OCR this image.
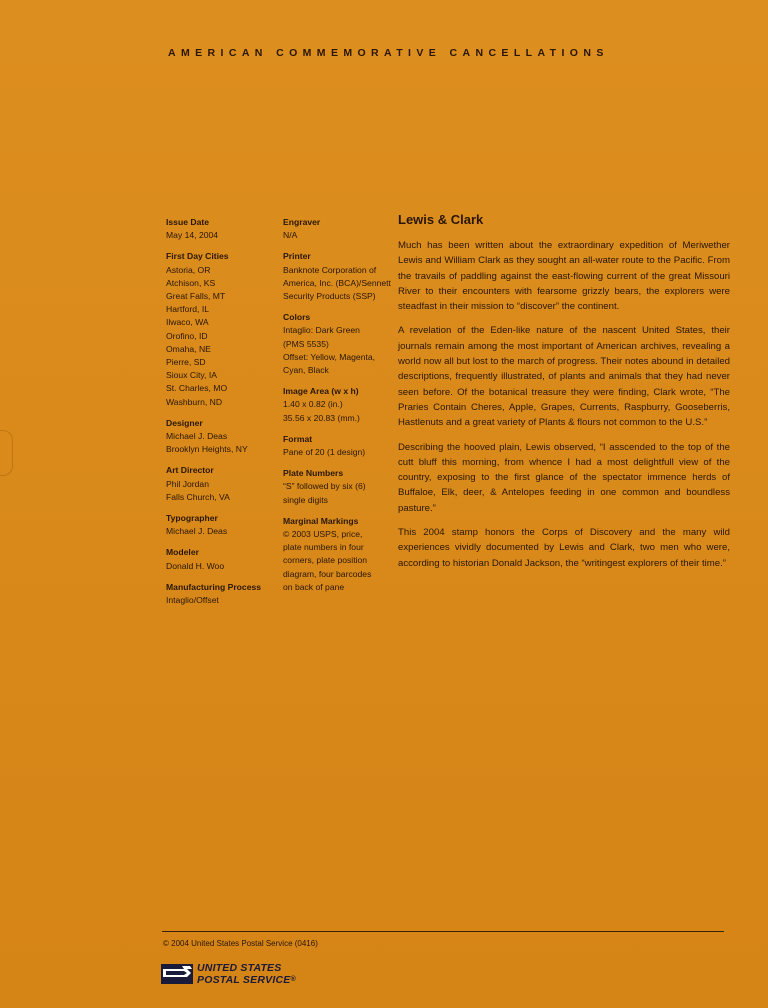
AMERICAN COMMEMORATIVE CANCELLATIONS
Issue Date
May 14, 2004
First Day Cities
Astoria, OR
Atchison, KS
Great Falls, MT
Hartford, IL
Ilwaco, WA
Orofino, ID
Omaha, NE
Pierre, SD
Sioux City, IA
St. Charles, MO
Washburn, ND
Designer
Michael J. Deas
Brooklyn Heights, NY
Art Director
Phil Jordan
Falls Church, VA
Typographer
Michael J. Deas
Modeler
Donald H. Woo
Manufacturing Process
Intaglio/Offset
Engraver
N/A
Printer
Banknote Corporation of
America, Inc. (BCA)/Sennett
Security Products (SSP)
Colors
Intaglio: Dark Green
(PMS 5535)
Offset: Yellow, Magenta,
Cyan, Black
Image Area (w x h)
1.40 x 0.82 (in.)
35.56 x 20.83 (mm.)
Format
Pane of 20 (1 design)
Plate Numbers
“S” followed by six (6)
single digits
Marginal Markings
© 2003 USPS, price,
plate numbers in four
corners, plate position
diagram, four barcodes
on back of pane
Lewis & Clark

Much has been written about the extraordinary expedition of Meriwether Lewis and William Clark as they sought an all-water route to the Pacific. From the travails of paddling against the east-flowing current of the great Missouri River to their encounters with fearsome grizzly bears, the explorers were steadfast in their mission to “discover” the continent.

A revelation of the Eden-like nature of the nascent United States, their journals remain among the most important of American archives, revealing a world now all but lost to the march of progress. Their notes abound in detailed descriptions, frequently illustrated, of plants and animals that they had never seen before. Of the botanical treasure they were finding, Clark wrote, “The Praries Contain Cheres, Apple, Grapes, Currents, Raspburry, Gooseberris, Hastlenuts and a great variety of Plants & flours not common to the U.S.”

Describing the hooved plain, Lewis observed, “I asscended to the top of the cutt bluff this morning, from whence I had a most delightfull view of the country, exposing to the first glance of the spectator immence herds of Buffaloe, Elk, deer, & Antelopes feeding in one common and boundless pasture.”

This 2004 stamp honors the Corps of Discovery and the many wild experiences vividly documented by Lewis and Clark, two men who were, according to historian Donald Jackson, the “writingest explorers of their time.”

© 2004 United States Postal Service (0416)
UNITED STATES
POSTAL SERVICE®
